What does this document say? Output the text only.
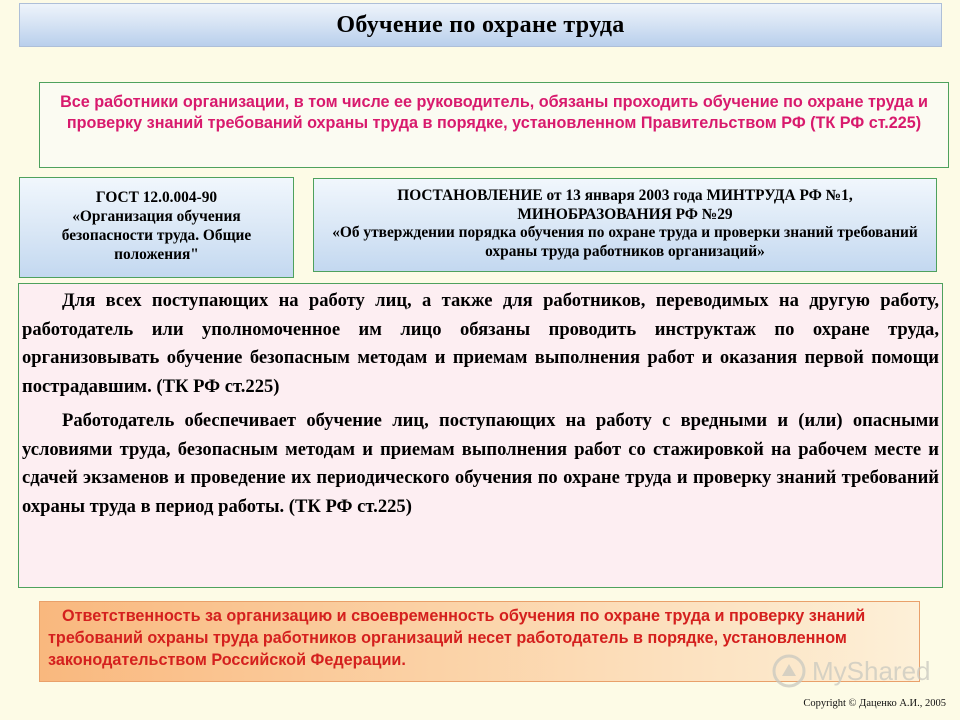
Обучение по охране труда
Все работники организации, в том числе ее руководитель, обязаны проходить обучение по охране труда и проверку знаний требований охраны труда в порядке, установленном Правительством РФ (ТК РФ ст.225)
ГОСТ 12.0.004-90
«Организация обучения безопасности труда. Общие положения"
ПОСТАНОВЛЕНИЕ от 13 января 2003 года МИНТРУДА РФ №1, МИНОБРАЗОВАНИЯ РФ №29
«Об утверждении порядка обучения по охране труда и проверки знаний требований охраны труда работников организаций»

Для всех поступающих на работу лиц, а также для работников, переводимых на другую работу, работодатель или уполномоченное им лицо обязаны проводить инструктаж по охране труда, организовывать обучение безопасным методам и приемам выполнения работ и оказания первой помощи пострадавшим. (ТК РФ ст.225)

Работодатель обеспечивает обучение лиц, поступающих на работу с вредными и (или) опасными условиями труда, безопасным методам и приемам выполнения работ со стажировкой на рабочем месте и сдачей экзаменов и проведение их периодического обучения по охране труда и проверку знаний требований охраны труда в период работы. (ТК РФ ст.225)

Ответственность за организацию и своевременность обучения по охране труда и проверку знаний требований охраны труда работников организаций несет работодатель в порядке, установленном законодательством Российской Федерации.	MyShared
Copyright © Даценко А.И., 2005
